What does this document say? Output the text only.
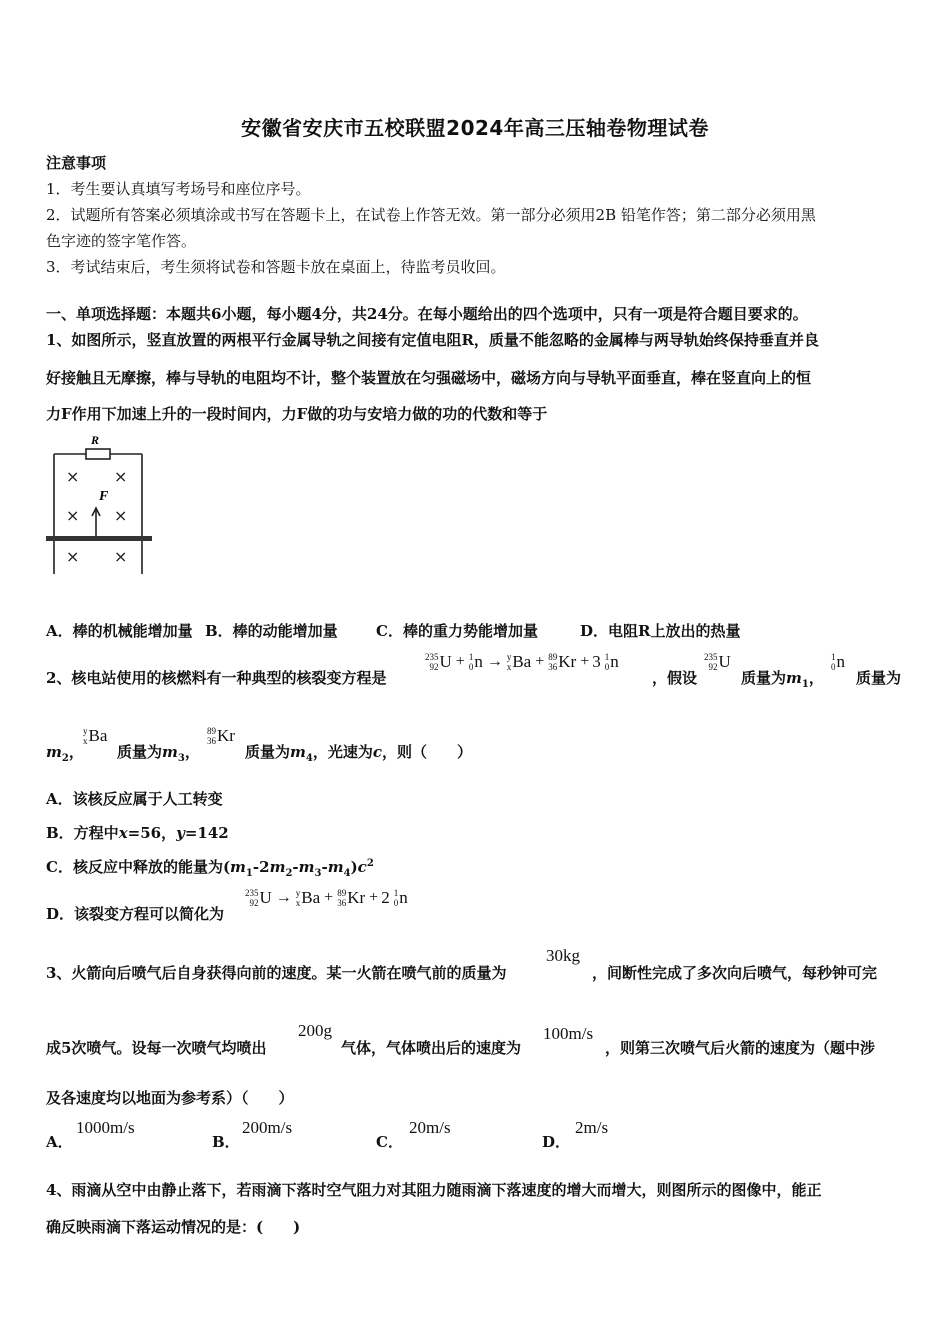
安徽省安庆市五校联盟2024年高三压轴卷物理试卷
注意事项
1．考生要认真填写考场号和座位序号。
2．试题所有答案必须填涂或书写在答题卡上，在试卷上作答无效。第一部分必须用2B 铅笔作答；第二部分必须用黑
色字迹的签字笔作答。
3．考试结束后，考生须将试卷和答题卡放在桌面上，待监考员收回。
一、单项选择题：本题共6小题，每小题4分，共24分。在每小题给出的四个选项中，只有一项是符合题目要求的。
1、如图所示，竖直放置的两根平行金属导轨之间接有定值电阻R，质量不能忽略的金属棒与两导轨始终保持垂直并良
好接触且无摩擦，棒与导轨的电阻均不计，整个装置放在匀强磁场中，磁场方向与导轨平面垂直，棒在竖直向上的恒
力F作用下加速上升的一段时间内，力F做的功与安培力做的功的代数和等于
R
F
× ×
× ×
× ×
A．棒的机械能增加量 B．棒的动能增加量	C．棒的重力势能增加量	D．电阻R上放出的热量
2、核电站使用的核燃料有一种典型的核裂变方程是
235
92 U + 1
0 n → y
x Ba + 89
36 Kr + 3 1
0 n
，假设
235
92 U
质量为$m_1$，
1
0 n
质量为
$m_2$，
y
x Ba
质量为$m_3$，
89
36 Kr
质量为$m_4$，光速为c，则（　　）
A．该核反应属于人工转变
B．方程中x=56，y=142
C．核反应中释放的能量为$(m_1-2m_2-m_3-m_4)c^2$
D．该裂变方程可以简化为
235
92 U → y
x Ba + 89
36 Kr + 2 1
0 n
3、火箭向后喷气后自身获得向前的速度。某一火箭在喷气前的质量为
30kg
，间断性完成了多次向后喷气，每秒钟可完
成5次喷气。设每一次喷气均喷出
200g
气体，气体喷出后的速度为
100m/s
，则第三次喷气后火箭的速度为（题中涉
及各速度均以地面为参考系）（　　）
A．
1000m/s
B．
200m/s
C．
20m/s
D．
2m/s
4、雨滴从空中由静止落下，若雨滴下落时空气阻力对其阻力随雨滴下落速度的增大而增大，则图所示的图像中，能正
确反映雨滴下落运动情况的是：(　　)
